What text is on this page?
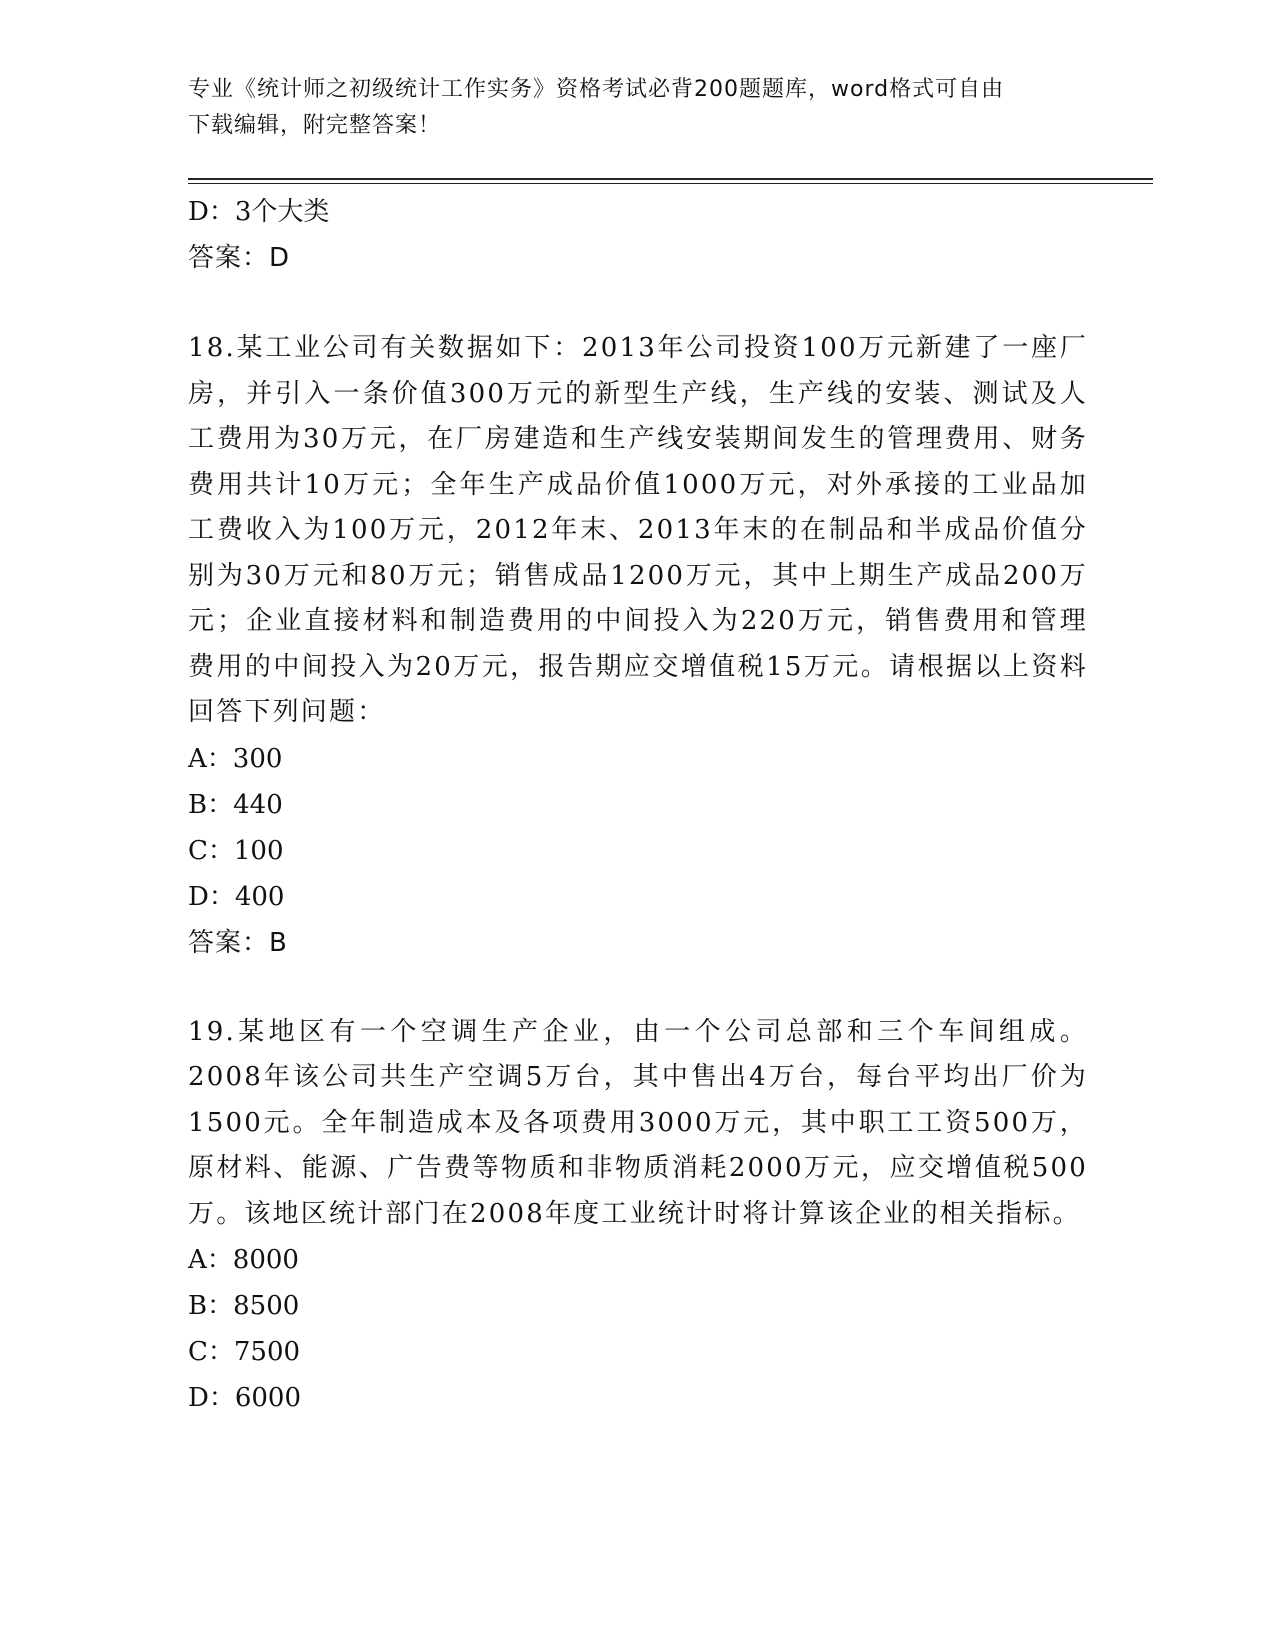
专业《统计师之初级统计工作实务》资格考试必背200题题库，word格式可自由
下载编辑，附完整答案！
D：3个大类
答案：D
18.某工业公司有关数据如下：2013年公司投资100万元新建了一座厂房，并引入一条价值300万元的新型生产线，生产线的安装、测试及人工费用为30万元，在厂房建造和生产线安装期间发生的管理费用、财务费用共计10万元；全年生产成品价值1000万元，对外承接的工业品加工费收入为100万元，2012年末、2013年末的在制品和半成品价值分别为30万元和80万元；销售成品1200万元，其中上期生产成品200万元；企业直接材料和制造费用的中间投入为220万元，销售费用和管理费用的中间投入为20万元，报告期应交增值税15万元。请根据以上资料回答下列问题：
A：300
B：440
C：100
D：400
答案：B
19.某地区有一个空调生产企业，由一个公司总部和三个车间组成。2008年该公司共生产空调5万台，其中售出4万台，每台平均出厂价为1500元。全年制造成本及各项费用3000万元，其中职工工资500万，原材料、能源、广告费等物质和非物质消耗2000万元，应交增值税500万。该地区统计部门在2008年度工业统计时将计算该企业的相关指标。
A：8000
B：8500
C：7500
D：6000
